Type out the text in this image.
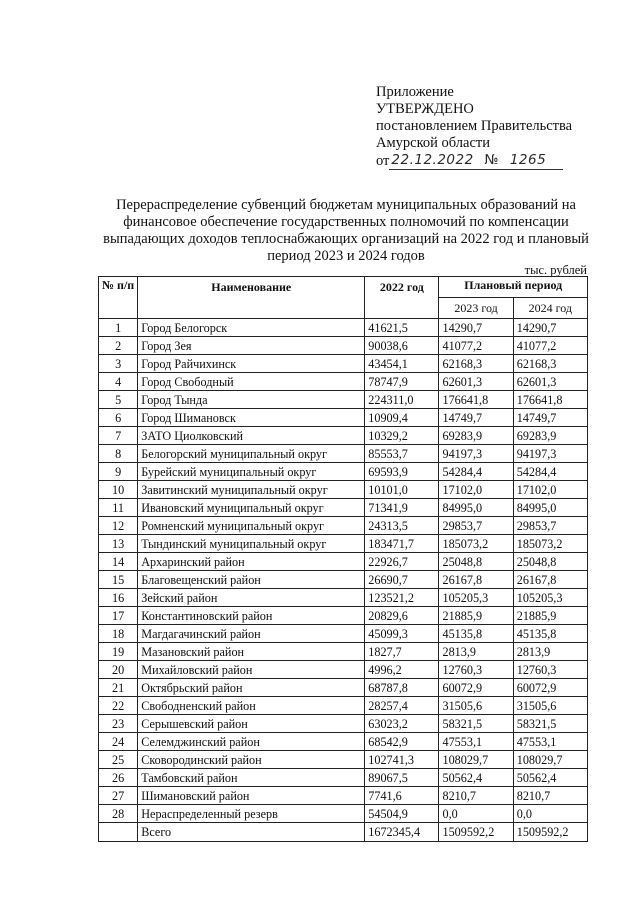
Приложение
УТВЕРЖДЕНО
постановлением Правительства
Амурской области
от 22.12.2022 № 1265
Перераспределение субвенций бюджетам муниципальных образований на финансовое обеспечение государственных полномочий по компенсации выпадающих доходов теплоснабжающих организаций на 2022 год и плановый период 2023 и 2024 годов
тыс. рублей
№ п/п	Наименование	2022 год	Плановый период	
			2023 год	2024 год
1	Город Белогорск	41621,5	14290,7	14290,7
2	Город Зея	90038,6	41077,2	41077,2
3	Город Райчихинск	43454,1	62168,3	62168,3
4	Город Свободный	78747,9	62601,3	62601,3
5	Город Тында	224311,0	176641,8	176641,8
6	Город Шимановск	10909,4	14749,7	14749,7
7	ЗАТО Циолковский	10329,2	69283,9	69283,9
8	Белогорский муниципальный округ	85553,7	94197,3	94197,3
9	Бурейский муниципальный округ	69593,9	54284,4	54284,4
10	Завитинский муниципальный округ	10101,0	17102,0	17102,0
11	Ивановский муниципальный округ	71341,9	84995,0	84995,0
12	Ромненский муниципальный округ	24313,5	29853,7	29853,7
13	Тындинский муниципальный округ	183471,7	185073,2	185073,2
14	Архаринский район	22926,7	25048,8	25048,8
15	Благовещенский район	26690,7	26167,8	26167,8
16	Зейский район	123521,2	105205,3	105205,3
17	Константиновский район	20829,6	21885,9	21885,9
18	Магдагачинский район	45099,3	45135,8	45135,8
19	Мазановский район	1827,7	2813,9	2813,9
20	Михайловский район	4996,2	12760,3	12760,3
21	Октябрьский район	68787,8	60072,9	60072,9
22	Свободненский район	28257,4	31505,6	31505,6
23	Серышевский район	63023,2	58321,5	58321,5
24	Селемджинский район	68542,9	47553,1	47553,1
25	Сковородинский район	102741,3	108029,7	108029,7
26	Тамбовский район	89067,5	50562,4	50562,4
27	Шимановский район	7741,6	8210,7	8210,7
28	Нераспределенный резерв	54504,9	0,0	0,0
	Всего	1672345,4	1509592,2	1509592,2
